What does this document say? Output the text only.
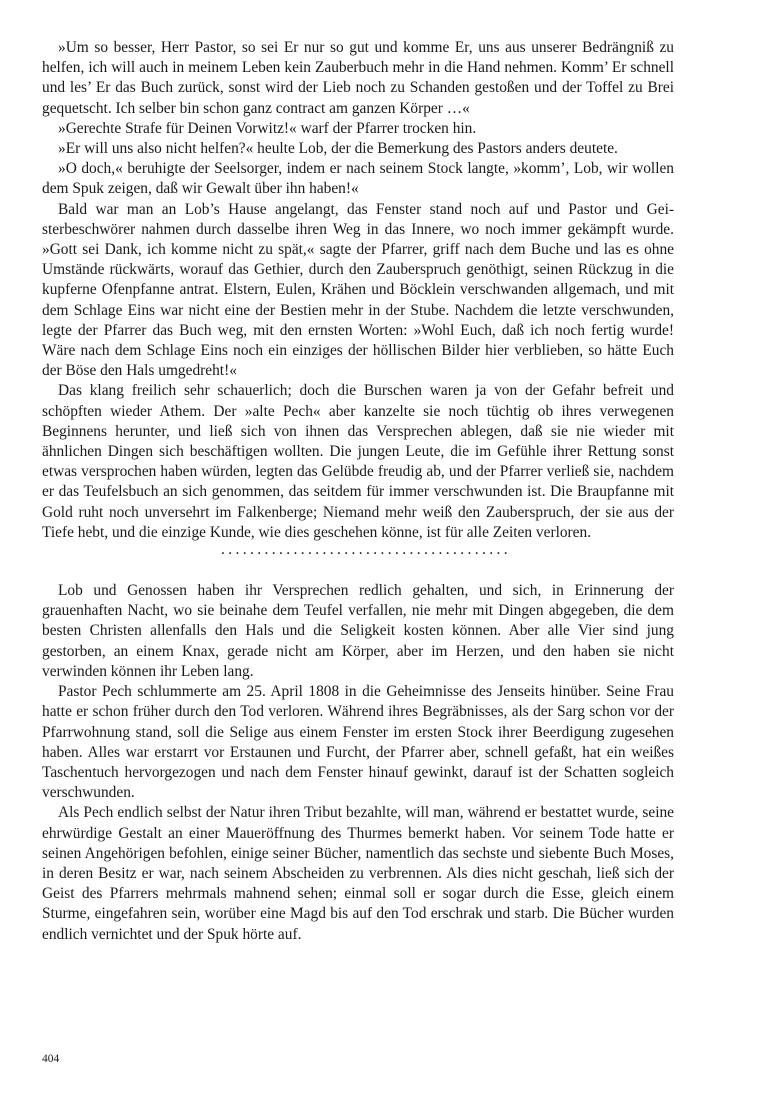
»Um so besser, Herr Pastor, so sei Er nur so gut und komme Er, uns aus unserer Bedrängniß zu helfen, ich will auch in meinem Leben kein Zauberbuch mehr in die Hand nehmen. Komm’ Er schnell und les’ Er das Buch zurück, sonst wird der Lieb noch zu Schanden gestoßen und der Toffel zu Brei gequetscht. Ich selber bin schon ganz contract am ganzen Körper …«

»Gerechte Strafe für Deinen Vorwitz!« warf der Pfarrer trocken hin.

»Er will uns also nicht helfen?« heulte Lob, der die Bemerkung des Pastors anders deutete.

»O doch,« beruhigte der Seelsorger, indem er nach seinem Stock langte, »komm’, Lob, wir wollen dem Spuk zeigen, daß wir Gewalt über ihn haben!«

Bald war man an Lob’s Hause angelangt, das Fenster stand noch auf und Pastor und Geisterbeschwörer nahmen durch dasselbe ihren Weg in das Innere, wo noch immer gekämpft wurde. »Gott sei Dank, ich komme nicht zu spät,« sagte der Pfarrer, griff nach dem Buche und las es ohne Umstände rückwärts, worauf das Gethier, durch den Zauberspruch genöthigt, seinen Rückzug in die kupferne Ofenpfanne antrat. Elstern, Eulen, Krähen und Böcklein verschwanden allgemach, und mit dem Schlage Eins war nicht eine der Bestien mehr in der Stube. Nachdem die letzte verschwunden, legte der Pfarrer das Buch weg, mit den ernsten Worten: »Wohl Euch, daß ich noch fertig wurde! Wäre nach dem Schlage Eins noch ein einziges der höllischen Bilder hier verblieben, so hätte Euch der Böse den Hals umgedreht!«

Das klang freilich sehr schauerlich; doch die Burschen waren ja von der Gefahr befreit und schöpften wieder Athem. Der »alte Pech« aber kanzelte sie noch tüchtig ob ihres verwegenen Beginnens herunter, und ließ sich von ihnen das Versprechen ablegen, daß sie nie wieder mit ähnlichen Dingen sich beschäftigen wollten. Die jungen Leute, die im Gefühle ihrer Rettung sonst etwas versprochen haben würden, legten das Gelübde freudig ab, und der Pfarrer verließ sie, nachdem er das Teufelsbuch an sich genommen, das seitdem für immer verschwunden ist. Die Braupfanne mit Gold ruht noch unversehrt im Falkenberge; Niemand mehr weiß den Zauberspruch, der sie aus der Tiefe hebt, und die einzige Kunde, wie dies geschehen könne, ist für alle Zeiten verloren.

........................................

Lob und Genossen haben ihr Versprechen redlich gehalten, und sich, in Erinnerung der grauenhaften Nacht, wo sie beinahe dem Teufel verfallen, nie mehr mit Dingen abgegeben, die dem besten Christen allenfalls den Hals und die Seligkeit kosten können. Aber alle Vier sind jung gestorben, an einem Knax, gerade nicht am Körper, aber im Herzen, und den haben sie nicht verwinden können ihr Leben lang.

Pastor Pech schlummerte am 25. April 1808 in die Geheimnisse des Jenseits hinüber. Seine Frau hatte er schon früher durch den Tod verloren. Während ihres Begräbnisses, als der Sarg schon vor der Pfarrwohnung stand, soll die Selige aus einem Fenster im ersten Stock ihrer Beerdigung zugesehen haben. Alles war erstarrt vor Erstaunen und Furcht, der Pfarrer aber, schnell gefaßt, hat ein weißes Taschentuch hervorgezogen und nach dem Fenster hinauf gewinkt, darauf ist der Schatten sogleich verschwunden.

Als Pech endlich selbst der Natur ihren Tribut bezahlte, will man, während er bestattet wurde, seine ehrwürdige Gestalt an einer Maueröffnung des Thurmes bemerkt haben. Vor seinem Tode hatte er seinen Angehörigen befohlen, einige seiner Bücher, namentlich das sechste und siebente Buch Moses, in deren Besitz er war, nach seinem Abscheiden zu verbrennen. Als dies nicht geschah, ließ sich der Geist des Pfarrers mehrmals mahnend sehen; einmal soll er sogar durch die Esse, gleich einem Sturme, eingefahren sein, worüber eine Magd bis auf den Tod erschrak und starb. Die Bücher wurden endlich vernichtet und der Spuk hörte auf.

404
